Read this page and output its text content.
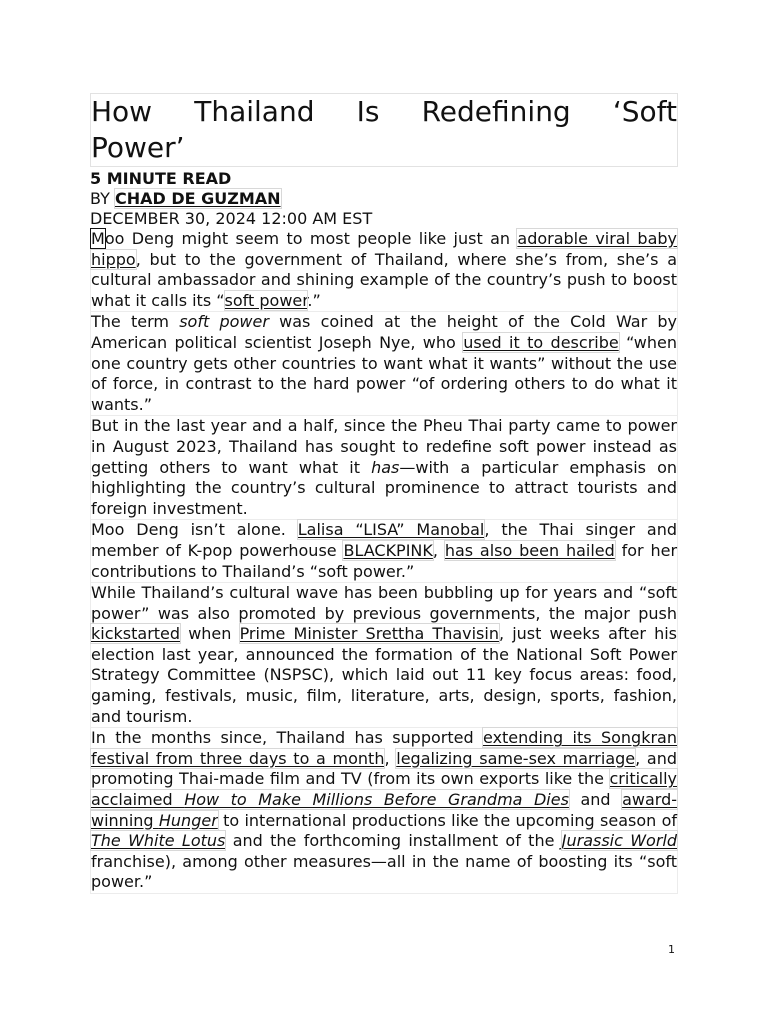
How Thailand Is Redefining ‘Soft
Power’

5 MINUTE READ

BY CHAD DE GUZMAN

DECEMBER 30, 2024 12:00 AM EST

Moo Deng might seem to most people like just an adorable viral baby hippo, but to the government of Thailand, where she’s from, she’s a cultural ambassador and shining example of the country’s push to boost what it calls its “soft power.”

The term soft power was coined at the height of the Cold War by American political scientist Joseph Nye, who used it to describe “when one country gets other countries to want what it wants” without the use of force, in contrast to the hard power “of ordering others to do what it wants.”

But in the last year and a half, since the Pheu Thai party came to power in August 2023, Thailand has sought to redefine soft power instead as getting others to want what it has—with a particular emphasis on highlighting the country’s cultural prominence to attract tourists and foreign investment.

Moo Deng isn’t alone. Lalisa “LISA” Manobal, the Thai singer and member of K-pop powerhouse BLACKPINK, has also been hailed for her contributions to Thailand’s “soft power.”

While Thailand’s cultural wave has been bubbling up for years and “soft power” was also promoted by previous governments, the major push kickstarted when Prime Minister Srettha Thavisin, just weeks after his election last year, announced the formation of the National Soft Power Strategy Committee (NSPSC), which laid out 11 key focus areas: food, gaming, festivals, music, film, literature, arts, design, sports, fashion, and tourism.

In the months since, Thailand has supported extending its Songkran festival from three days to a month, legalizing same-sex marriage, and promoting Thai-made film and TV (from its own exports like the critically acclaimed How to Make Millions Before Grandma Dies and award-winning Hunger to international productions like the upcoming season of The White Lotus and the forthcoming installment of the Jurassic World franchise), among other measures—all in the name of boosting its “soft power.”

1
